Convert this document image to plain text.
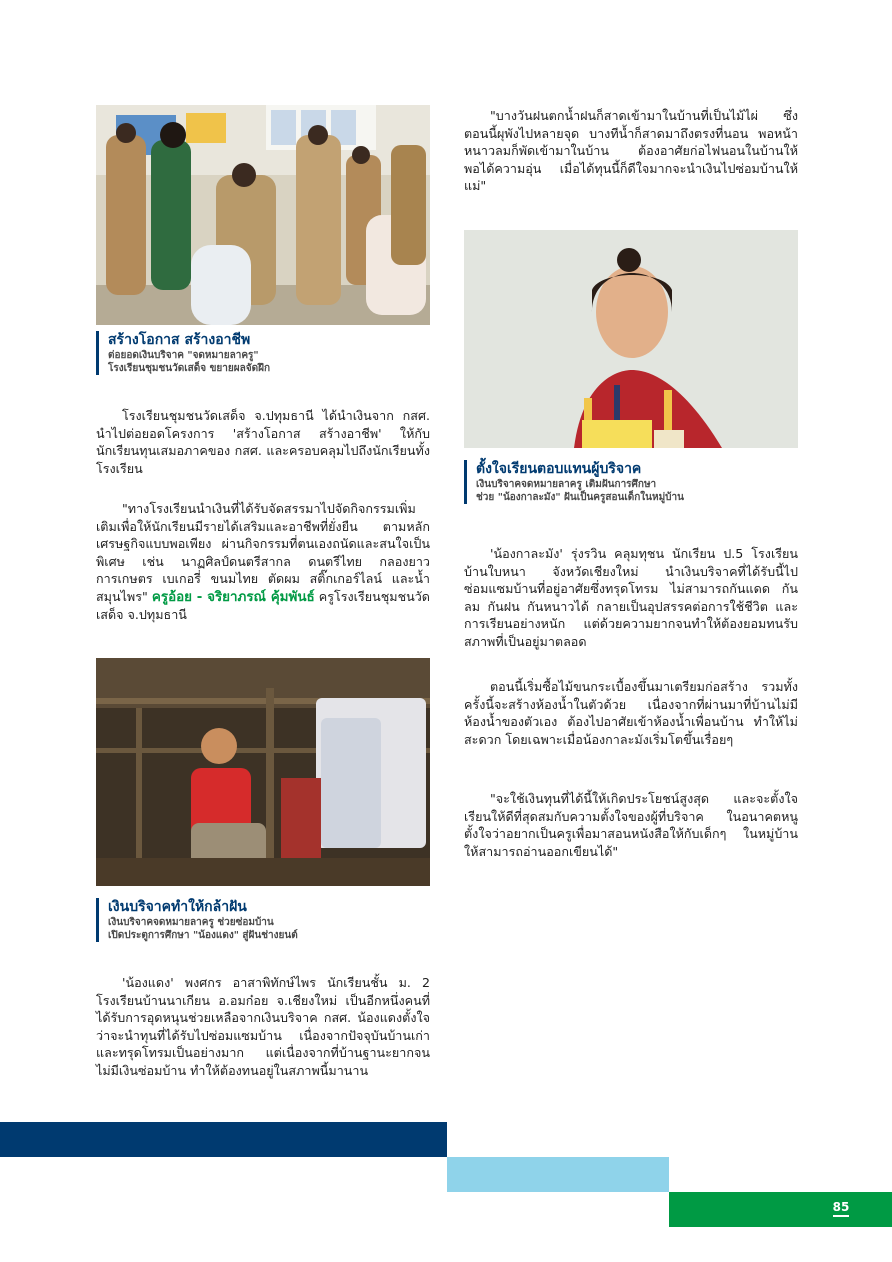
สร้างโอกาส สร้างอาชีพ
ต่อยอดเงินบริจาค "จดหมายลาครู"
โรงเรียนชุมชนวัดเสด็จ ขยายผลจัดฝึก
โรงเรียนชุมชนวัดเสด็จ จ.ปทุมธานี ได้นำเงินจาก กสศ. นำไปต่อยอดโครงการ 'สร้างโอกาส สร้างอาชีพ' ให้กับนักเรียนทุนเสมอภาคของ กสศ. และครอบคลุมไปถึงนักเรียนทั้งโรงเรียน
"ทางโรงเรียนนำเงินที่ได้รับจัดสรรมาไปจัดกิจกรรมเพิ่มเติมเพื่อให้นักเรียนมีรายได้เสริมและอาชีพที่ยั่งยืน ตามหลักเศรษฐกิจแบบพอเพียง ผ่านกิจกรรมที่ตนเองถนัดและสนใจเป็นพิเศษ เช่น นาฏศิลป์ดนตรีสากล ดนตรีไทย กลองยาว การเกษตร เบเกอรี่ ขนมไทย ตัดผม สติ๊กเกอร์ไลน์ และน้ำสมุนไพร" ครูอ้อย - จริยาภรณ์ คุ้มพันธ์ ครูโรงเรียนชุมชนวัดเสด็จ จ.ปทุมธานี
เงินบริจาคทำให้กล้าฝัน
เงินบริจาคจดหมายลาครู ช่วยซ่อมบ้าน
เปิดประตูการศึกษา "น้องแดง" สู่ฝันช่างยนต์
'น้องแดง' พงศกร อาสาพิทักษ์ไพร นักเรียนชั้น ม. 2 โรงเรียนบ้านนาเกียน อ.อมก๋อย จ.เชียงใหม่ เป็นอีกหนึ่งคนที่ได้รับการอุดหนุนช่วยเหลือจากเงินบริจาค กสศ. น้องแดงตั้งใจว่าจะนำทุนที่ได้รับไปซ่อมแซมบ้าน เนื่องจากปัจจุบันบ้านเก่าและทรุดโทรมเป็นอย่างมาก แต่เนื่องจากที่บ้านฐานะยากจนไม่มีเงินซ่อมบ้าน ทำให้ต้องทนอยู่ในสภาพนี้มานาน
"บางวันฝนตกน้ำฝนก็สาดเข้ามาในบ้านที่เป็นไม้ไผ่ ซึ่งตอนนี้ผุพังไปหลายจุด บางทีน้ำก็สาดมาถึงตรงที่นอน พอหน้าหนาวลมก็พัดเข้ามาในบ้าน ต้องอาศัยก่อไฟนอนในบ้านให้พอได้ความอุ่น เมื่อได้ทุนนี้ก็ดีใจมากจะนำเงินไปซ่อมบ้านให้แม่"
ตั้งใจเรียนตอบแทนผู้บริจาค
เงินบริจาคจดหมายลาครู เติมฝันการศึกษา
ช่วย "น้องกาละมัง" ฝันเป็นครูสอนเด็กในหมู่บ้าน
'น้องกาละมัง' รุ่งรวิน คลุมทุชน นักเรียน ป.5 โรงเรียนบ้านใบหนา จังหวัดเชียงใหม่ นำเงินบริจาคที่ได้รับนี้ไปซ่อมแซมบ้านที่อยู่อาศัยซึ่งทรุดโทรม ไม่สามารถกันแดด กันลม กันฝน กันหนาวได้ กลายเป็นอุปสรรคต่อการใช้ชีวิต และการเรียนอย่างหนัก แต่ด้วยความยากจนทำให้ต้องยอมทนรับสภาพที่เป็นอยู่มาตลอด
ตอนนี้เริ่มซื้อไม้ขนกระเบื้องขึ้นมาเตรียมก่อสร้าง รวมทั้งครั้งนี้จะสร้างห้องน้ำในตัวด้วย เนื่องจากที่ผ่านมาที่บ้านไม่มีห้องน้ำของตัวเอง ต้องไปอาศัยเข้าห้องน้ำเพื่อนบ้าน ทำให้ไม่สะดวก โดยเฉพาะเมื่อน้องกาละมังเริ่มโตขึ้นเรื่อยๆ
"จะใช้เงินทุนที่ได้นี้ให้เกิดประโยชน์สูงสุด และจะตั้งใจเรียนให้ดีที่สุดสมกับความตั้งใจของผู้ที่บริจาค ในอนาคตหนูตั้งใจว่าอยากเป็นครูเพื่อมาสอนหนังสือให้กับเด็กๆ ในหมู่บ้านให้สามารถอ่านออกเขียนได้"
85
